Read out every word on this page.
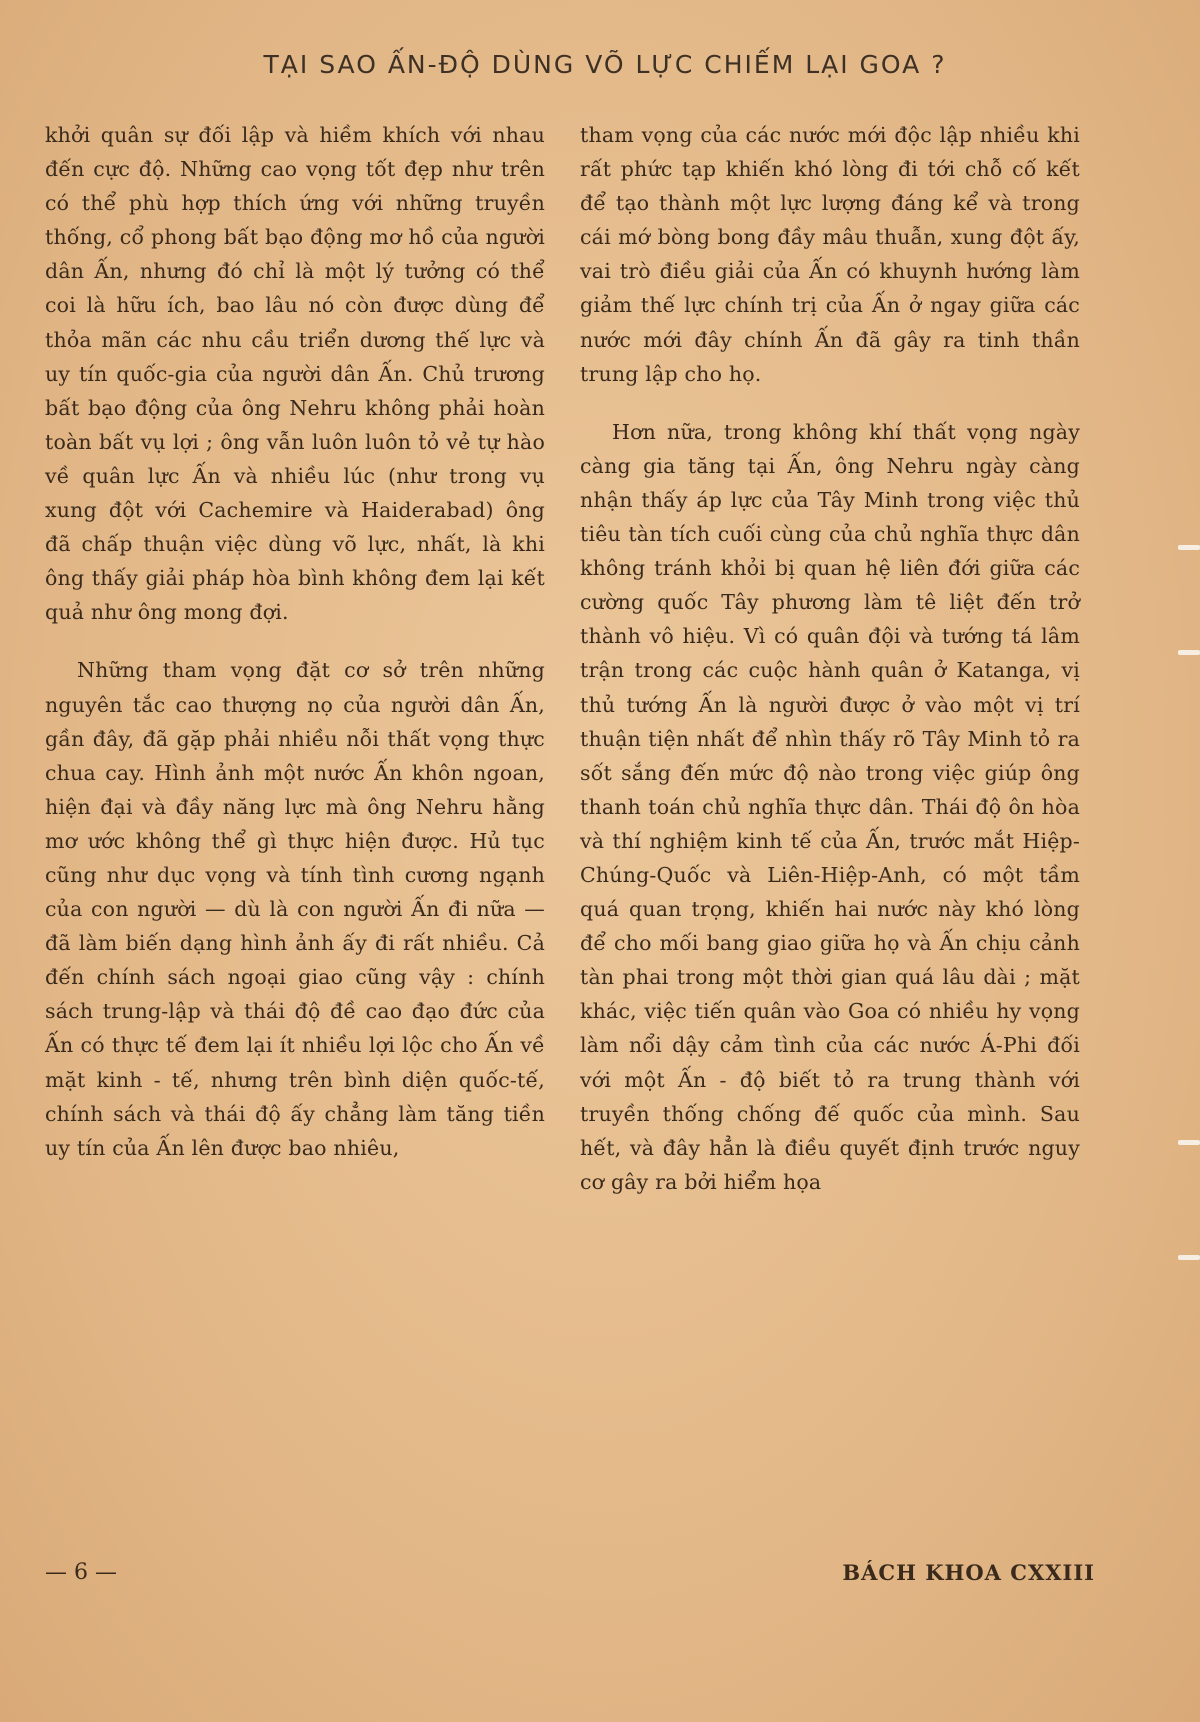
TẠI SAO ẤN-ĐỘ DÙNG VÕ LỰC CHIẾM LẠI GOA ?

khởi quân sự đối lập và hiềm khích với nhau đến cực độ. Những cao vọng tốt đẹp như trên có thể phù hợp thích ứng với những truyền thống, cổ phong bất bạo động mơ hồ của người dân Ấn, nhưng đó chỉ là một lý tưởng có thể coi là hữu ích, bao lâu nó còn được dùng để thỏa mãn các nhu cầu triển dương thế lực và uy tín quốc-gia của người dân Ấn. Chủ trương bất bạo động của ông Nehru không phải hoàn toàn bất vụ lợi ; ông vẫn luôn luôn tỏ vẻ tự hào về quân lực Ấn và nhiều lúc (như trong vụ xung đột với Cachemire và Haiderabad) ông đã chấp thuận việc dùng võ lực, nhất, là khi ông thấy giải pháp hòa bình không đem lại kết quả như ông mong đợi.

Những tham vọng đặt cơ sở trên những nguyên tắc cao thượng nọ của người dân Ấn, gần đây, đã gặp phải nhiều nỗi thất vọng thực chua cay. Hình ảnh một nước Ấn khôn ngoan, hiện đại và đầy năng lực mà ông Nehru hằng mơ ước không thể gì thực hiện được. Hủ tục cũng như dục vọng và tính tình cương ngạnh của con người — dù là con người Ấn đi nữa — đã làm biến dạng hình ảnh ấy đi rất nhiều. Cả đến chính sách ngoại giao cũng vậy : chính sách trung-lập và thái độ đề cao đạo đức của Ấn có thực tế đem lại ít nhiều lợi lộc cho Ấn về mặt kinh - tế, nhưng trên bình diện quốc-tế, chính sách và thái độ ấy chẳng làm tăng tiền uy tín của Ấn lên được bao nhiêu,

tham vọng của các nước mới độc lập nhiều khi rất phức tạp khiến khó lòng đi tới chỗ cố kết để tạo thành một lực lượng đáng kể và trong cái mớ bòng bong đầy mâu thuẫn, xung đột ấy, vai trò điều giải của Ấn có khuynh hướng làm giảm thế lực chính trị của Ấn ở ngay giữa các nước mới đây chính Ấn đã gây ra tinh thần trung lập cho họ.

Hơn nữa, trong không khí thất vọng ngày càng gia tăng tại Ấn, ông Nehru ngày càng nhận thấy áp lực của Tây Minh trong việc thủ tiêu tàn tích cuối cùng của chủ nghĩa thực dân không tránh khỏi bị quan hệ liên đới giữa các cường quốc Tây phương làm tê liệt đến trở thành vô hiệu. Vì có quân đội và tướng tá lâm trận trong các cuộc hành quân ở Katanga, vị thủ tướng Ấn là người được ở vào một vị trí thuận tiện nhất để nhìn thấy rõ Tây Minh tỏ ra sốt sắng đến mức độ nào trong việc giúp ông thanh toán chủ nghĩa thực dân. Thái độ ôn hòa và thí nghiệm kinh tế của Ấn, trước mắt Hiệp-Chúng-Quốc và Liên-Hiệp-Anh, có một tầm quá quan trọng, khiến hai nước này khó lòng để cho mối bang giao giữa họ và Ấn chịu cảnh tàn phai trong một thời gian quá lâu dài ; mặt khác, việc tiến quân vào Goa có nhiều hy vọng làm nổi dậy cảm tình của các nước Á-Phi đối với một Ấn - độ biết tỏ ra trung thành với truyền thống chống đế quốc của mình. Sau hết, và đây hẳn là điều quyết định trước nguy cơ gây ra bởi hiểm họa

— 6 —	BÁCH KHOA CXXIII
